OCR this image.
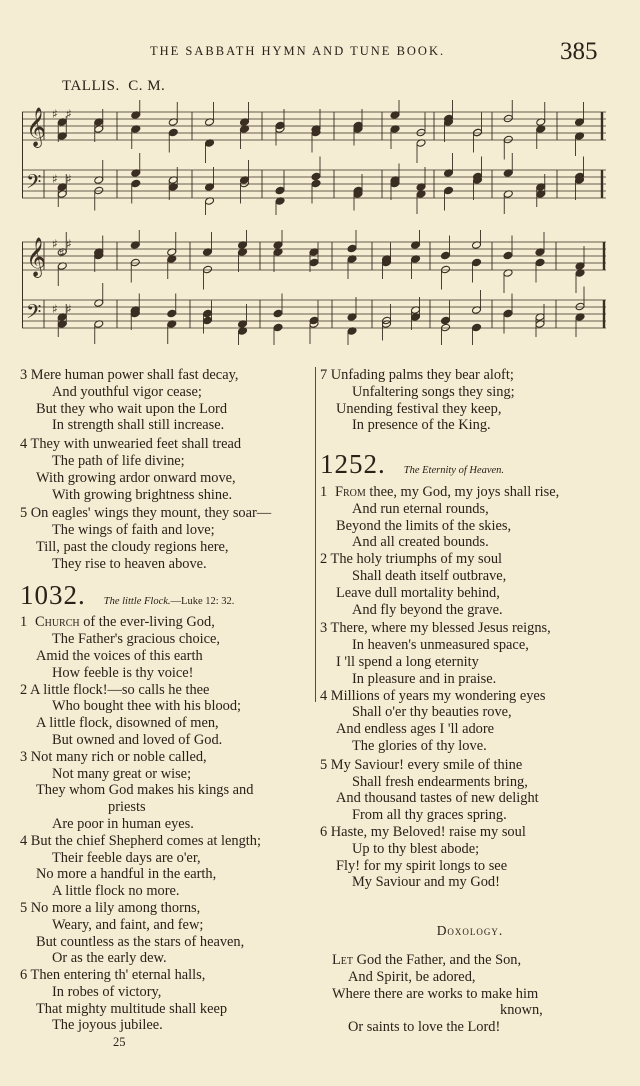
THE SABBATH HYMN AND TUNE BOOK.	385
TALLIS. C. M.
𝄞 ♯ ♯
𝄢 ♯ ♯
𝄞 ♯
♯
♯
𝄢 ♯ ♯
3 Mere human power shall fast decay,
And youthful vigor cease;
But they who wait upon the Lord
In strength shall still increase.
4 They with unwearied feet shall tread
The path of life divine;
With growing ardor onward move,
With growing brightness shine.
5 On eagles' wings they mount, they soar—
The wings of faith and love;
Till, past the cloudy regions here,
They rise to heaven above.
1032. The little Flock. —Luke 12: 32.
1 Church of the ever-living God,
The Father's gracious choice,
Amid the voices of this earth
How feeble is thy voice!
2 A little flock!—so calls he thee
Who bought thee with his blood;
A little flock, disowned of men,
But owned and loved of God.
3 Not many rich or noble called,
Not many great or wise;
They whom God makes his kings and
priests
Are poor in human eyes.
4 But the chief Shepherd comes at length;
Their feeble days are o'er,
No more a handful in the earth,
A little flock no more.
5 No more a lily among thorns,
Weary, and faint, and few;
But countless as the stars of heaven,
Or as the early dew.
6 Then entering th' eternal halls,
In robes of victory,
That mighty multitude shall keep
The joyous jubilee.
7 Unfading palms they bear aloft;
Unfaltering songs they sing;
Unending festival they keep,
In presence of the King.
1252. The Eternity of Heaven.
1 From thee, my God, my joys shall rise,
And run eternal rounds,
Beyond the limits of the skies,
And all created bounds.
2 The holy triumphs of my soul
Shall death itself outbrave,
Leave dull mortality behind,
And fly beyond the grave.
3 There, where my blessed Jesus reigns,
In heaven's unmeasured space,
I 'll spend a long eternity
In pleasure and in praise.
4 Millions of years my wondering eyes
Shall o'er thy beauties rove,
And endless ages I 'll adore
The glories of thy love.
5 My Saviour! every smile of thine
Shall fresh endearments bring,
And thousand tastes of new delight
From all thy graces spring.
6 Haste, my Beloved! raise my soul
Up to thy blest abode;
Fly! for my spirit longs to see
My Saviour and my God!
Doxology.
Let God the Father, and the Son,
And Spirit, be adored,
Where there are works to make him
known,
Or saints to love the Lord!
25
